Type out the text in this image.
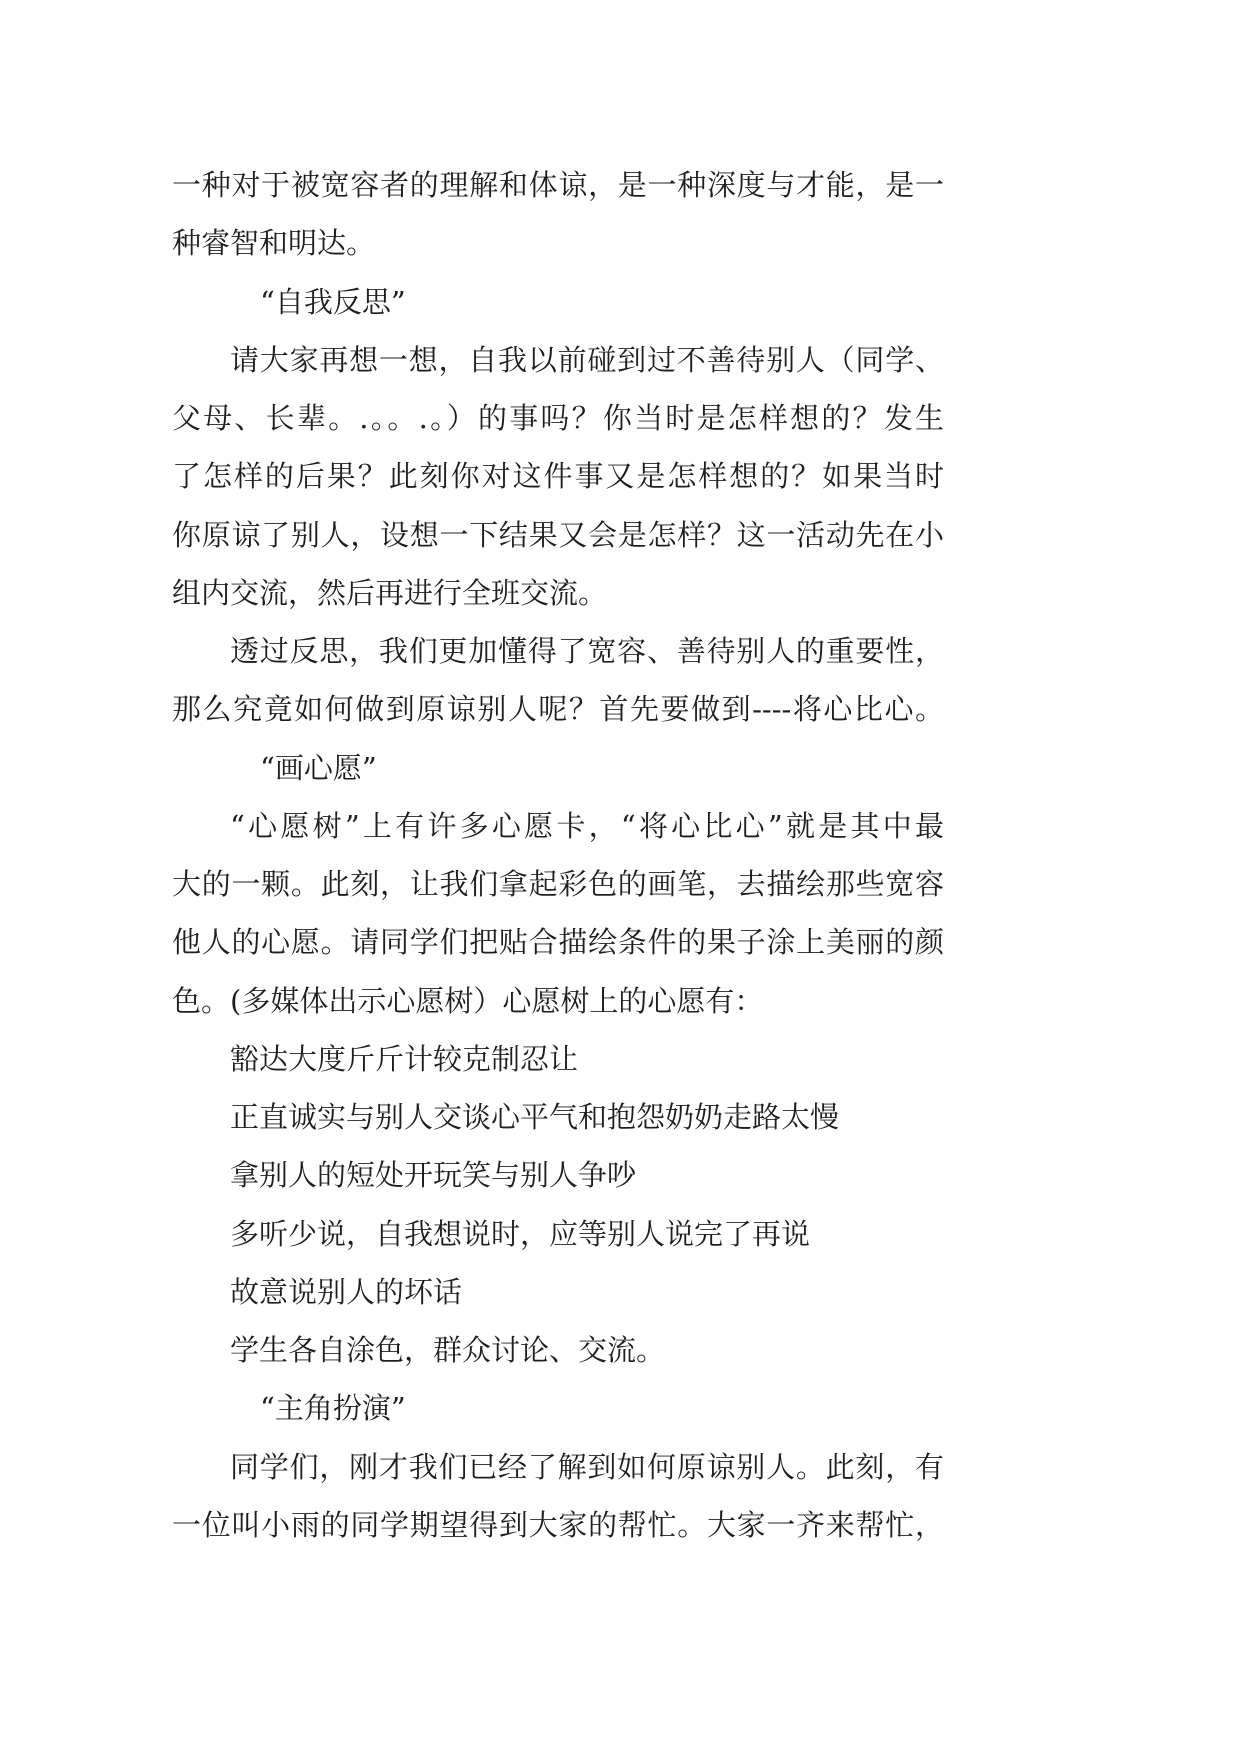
一种对于被宽容者的理解和体谅，是一种深度与才能，是一
种睿智和明达。
“自我反思”
请大家再想一想，自我以前碰到过不善待别人（同学、
父母、长辈。.。。.。）的事吗？你当时是怎样想的？发生
了怎样的后果？此刻你对这件事又是怎样想的？如果当时
你原谅了别人，设想一下结果又会是怎样？这一活动先在小
组内交流，然后再进行全班交流。
透过反思，我们更加懂得了宽容、善待别人的重要性，
那么究竟如何做到原谅别人呢？首先要做到----将心比心。
“画心愿”
“心愿树”上有许多心愿卡，“将心比心”就是其中最
大的一颗。此刻，让我们拿起彩色的画笔，去描绘那些宽容
他人的心愿。请同学们把贴合描绘条件的果子涂上美丽的颜
色。(多媒体出示心愿树）心愿树上的心愿有：
豁达大度斤斤计较克制忍让
正直诚实与别人交谈心平气和抱怨奶奶走路太慢
拿别人的短处开玩笑与别人争吵
多听少说，自我想说时，应等别人说完了再说
故意说别人的坏话
学生各自涂色，群众讨论、交流。
“主角扮演”
同学们，刚才我们已经了解到如何原谅别人。此刻，有
一位叫小雨的同学期望得到大家的帮忙。大家一齐来帮忙，
